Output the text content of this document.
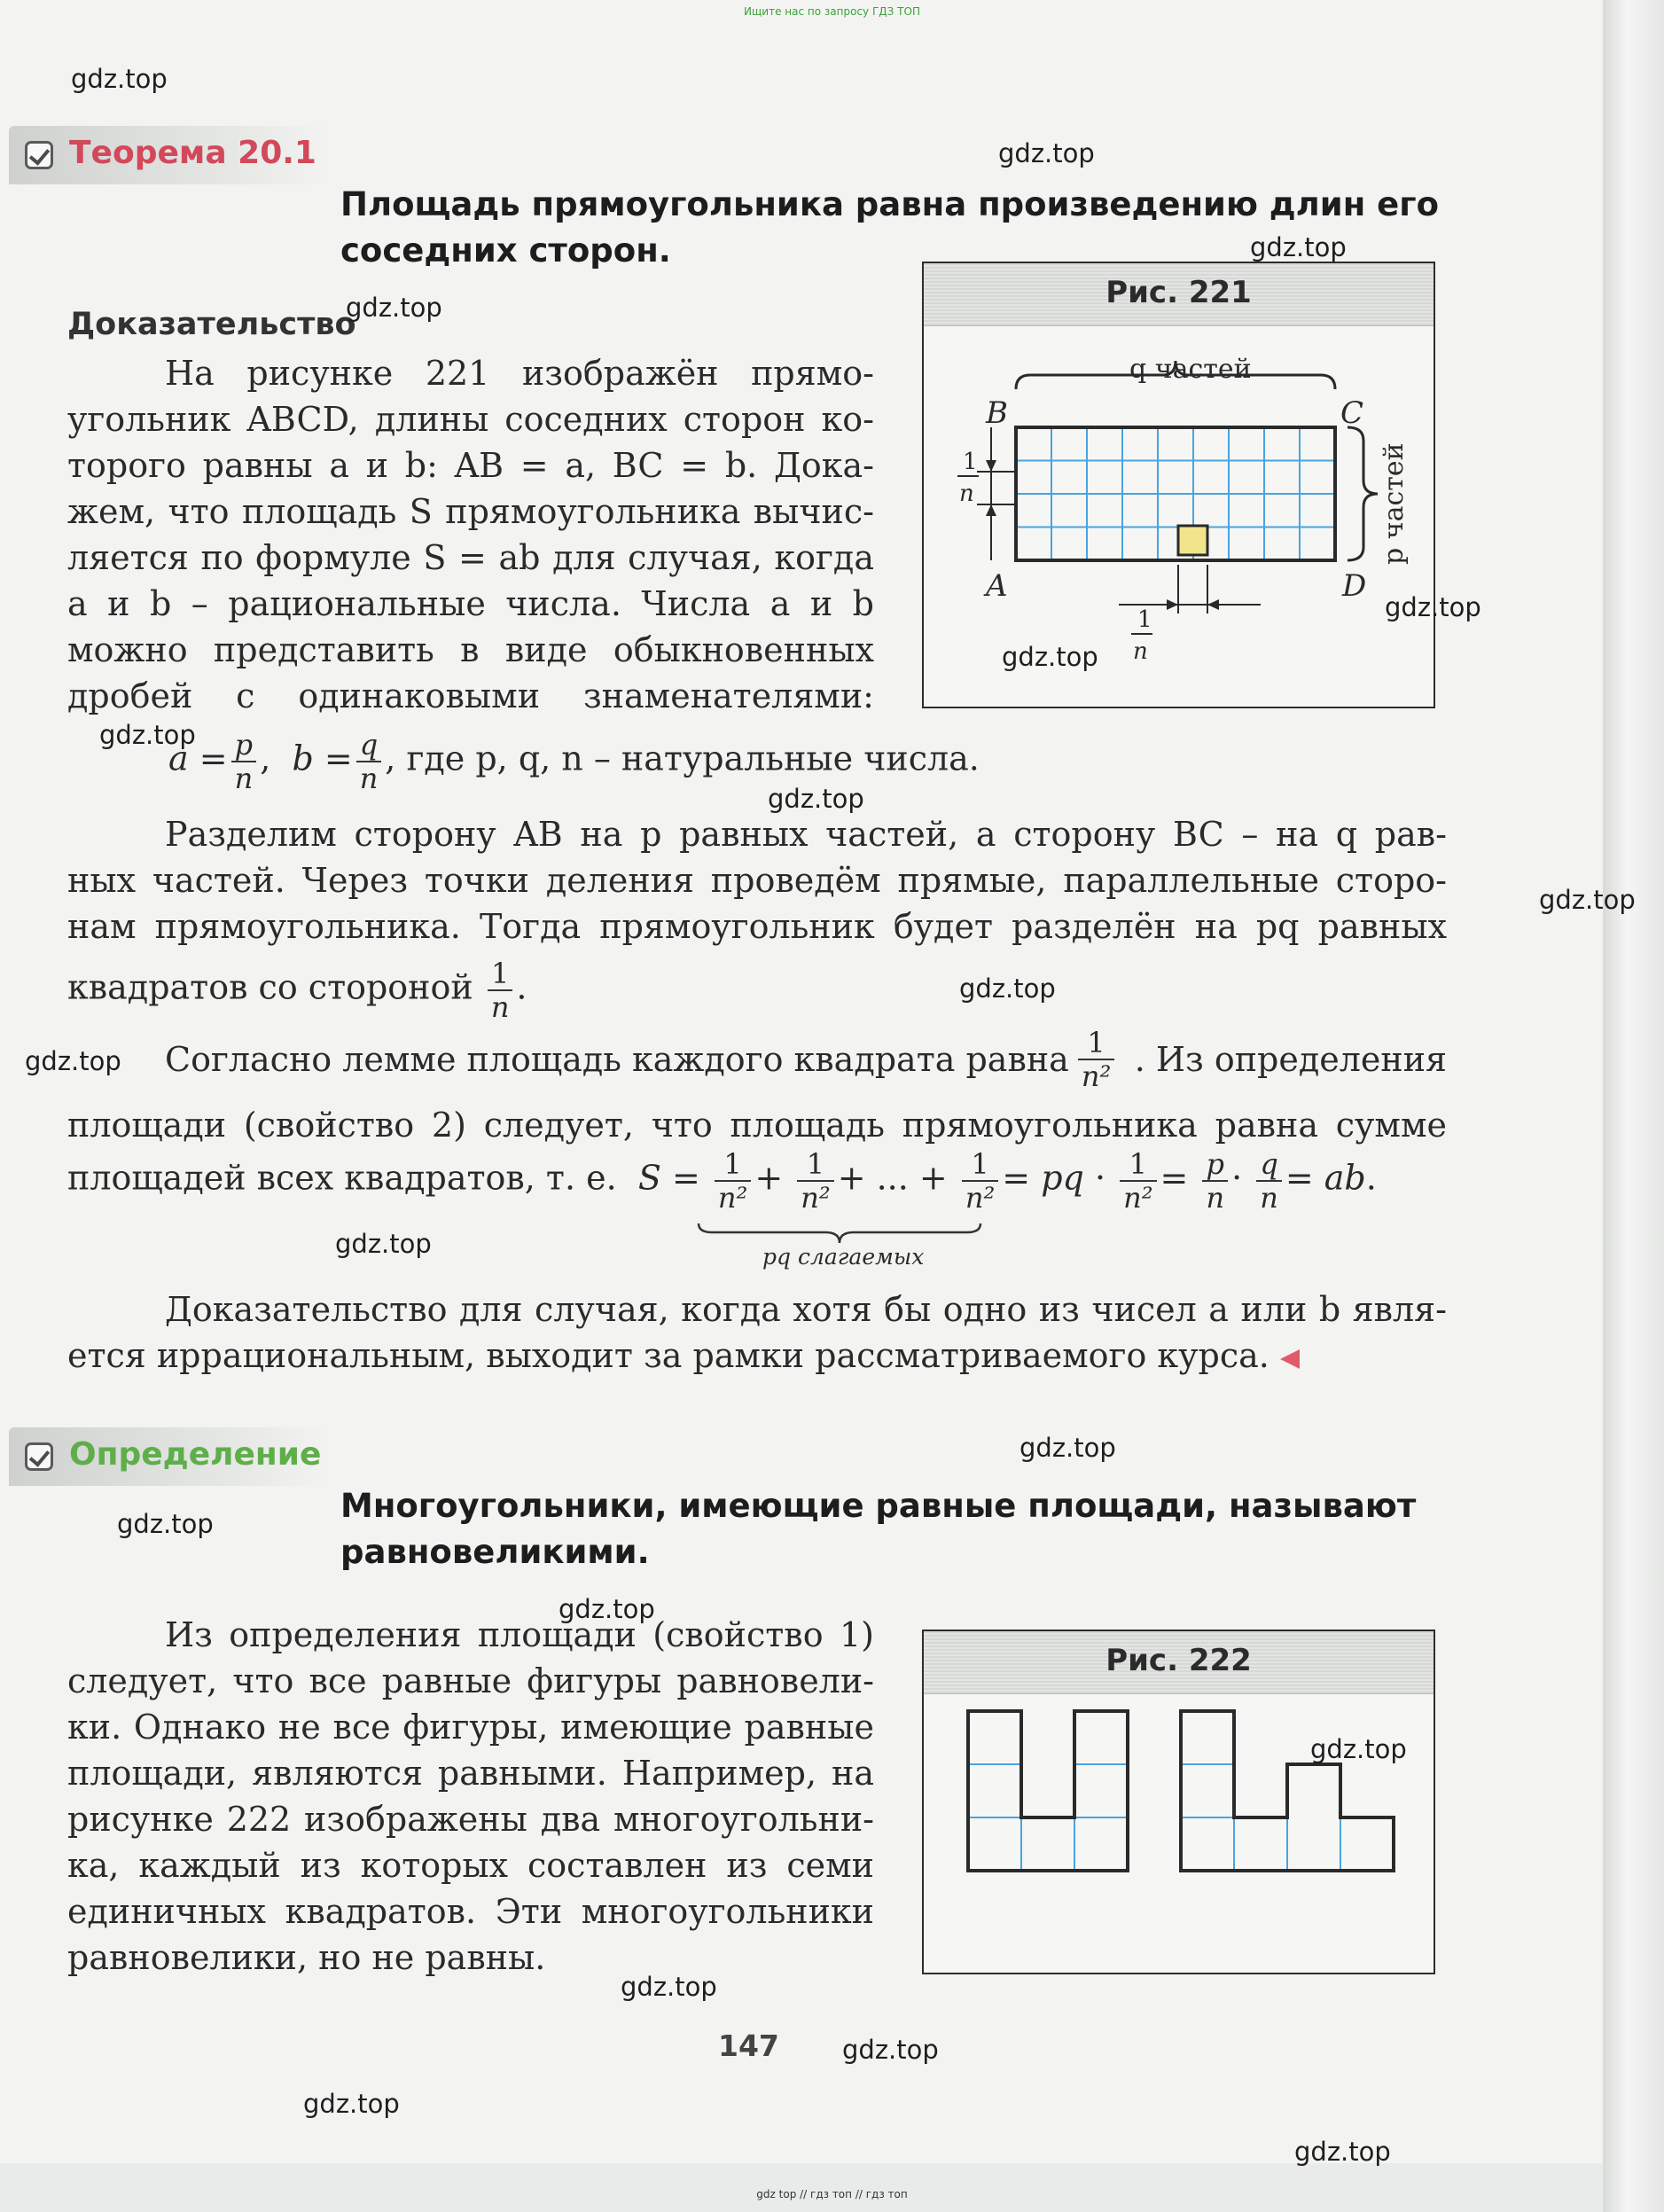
Ищите нас по запросу ГДЗ ТОП
Теорема 20.1
Площадь прямоугольника равна произведению длин его соседних сторон.
Доказательство
На рисунке 221 изображён прямо-
угольник ABCD, длины соседних сторон ко-
торого равны a и b: AB = a, BC = b. Дока-
жем, что площадь S прямоугольника вычис-
ляется по формуле S = ab для случая, когда
a и b – рациональные числа. Числа a и b
можно представить в виде обыкновенных
дробей с одинаковыми знаменателями:
$a = \frac{p}{n}$ ,  $b = \frac{q}{n}$ , где p, q, n – натуральные числа.
Разделим сторону AB на p равных частей, а сторону BC – на q рав-
ных частей. Через точки деления проведём прямые, параллельные сторо-
нам прямоугольника. Тогда прямоугольник будет разделён на pq равных
квадратов со стороной $\frac{1}{n}$ .
Согласно лемме площадь каждого квадрата равна $\frac{1}{\text{n²}}$ . Из определения
площади (свойство 2) следует, что площадь прямоугольника равна сумме
площадей всех квадратов, т. е.  $S = \frac{1}{\text{n²}} + \frac{1}{\text{n²}}$ + ... + $\frac{1}{\text{n²}}$ = pq · $\frac{1}{\text{n²}} = \frac{p}{n} \cdot \frac{q}{n}$ = ab.
pq слагаемых
Доказательство для случая, когда хотя бы одно из чисел a или b явля-
ется иррациональным, выходит за рамки рассматриваемого курса.
Рис. 221
q частей
p частей
B	C
A	D
1
n
1
n
Определение
Многоугольники, имеющие равные площади, называют равновеликими.
Из определения площади (свойство 1)
следует, что все равные фигуры равновели-
ки. Однако не все фигуры, имеющие равные
площади, являются равными. Например, на
рисунке 222 изображены два многоугольни-
ка, каждый из которых составлен из семи
единичных квадратов. Эти многоугольники
равновелики, но не равны.
Рис. 222
147
gdz.top
gdz.top
gdz.top
gdz.top
gdz.top
gdz.top
gdz.top
gdz.top
gdz.top
gdz.top
gdz.top
gdz.top
gdz.top
gdz.top
gdz.top
gdz.top
gdz.top
gdz.top
gdz.top
gdz.top
gdz top // гдз топ // гдз топ
